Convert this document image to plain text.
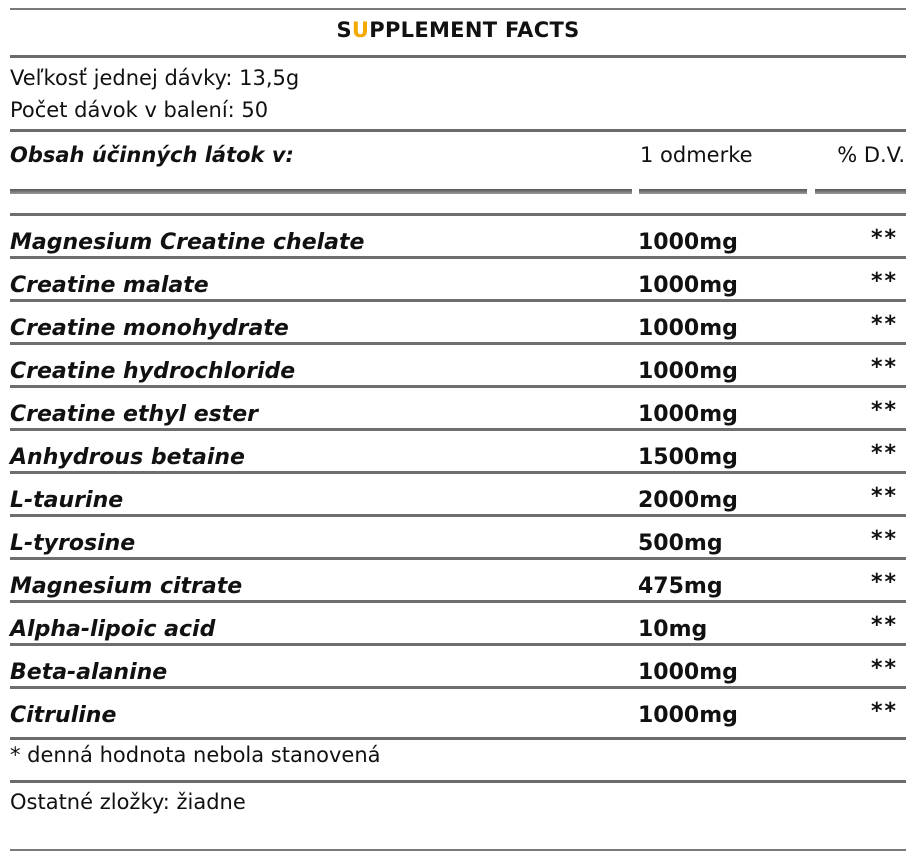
SUPPLEMENT FACTS
Veľkosť jednej dávky: 13,5g
Počet dávok v balení: 50
Obsah účinných látok v:	1 odmerke	% D.V.
Magnesium Creatine chelate	1000mg	**
Creatine malate	1000mg	**
Creatine monohydrate	1000mg	**
Creatine hydrochloride	1000mg	**
Creatine ethyl ester	1000mg	**
Anhydrous betaine	1500mg	**
L-taurine	2000mg	**
L-tyrosine	500mg	**
Magnesium citrate	475mg	**
Alpha-lipoic acid	10mg	**
Beta-alanine	1000mg	**
Citruline	1000mg	**
* denná hodnota nebola stanovená
Ostatné zložky: žiadne
